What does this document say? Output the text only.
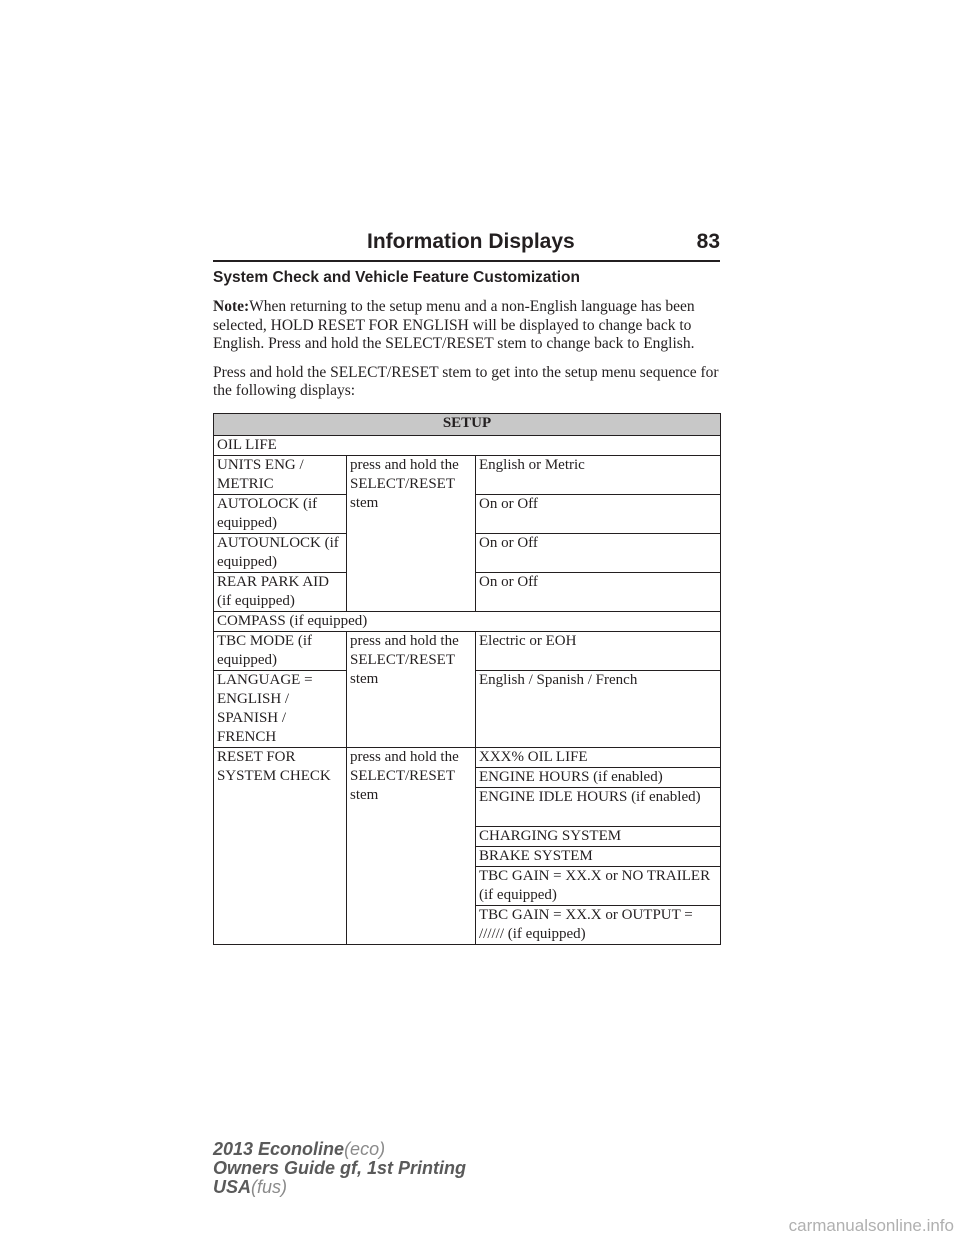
Information Displays	83
System Check and Vehicle Feature Customization

Note:When returning to the setup menu and a non-English language has been selected, HOLD RESET FOR ENGLISH will be displayed to change back to English. Press and hold the SELECT/RESET stem to change back to English.

Press and hold the SELECT/RESET stem to get into the setup menu sequence for the following displays:

SETUP		
OIL LIFE		
UNITS ENG / METRIC	press and hold the SELECT/RESET stem	English or Metric
AUTOLOCK (if equipped)		On or Off
AUTOUNLOCK (if equipped)		On or Off
REAR PARK AID (if equipped)		On or Off
COMPASS (if equipped)		
TBC MODE (if equipped)	press and hold the SELECT/RESET stem	Electric or EOH
LANGUAGE = ENGLISH / SPANISH / FRENCH		English / Spanish / French
RESET FOR SYSTEM CHECK	press and hold the SELECT/RESET stem	XXX% OIL LIFE
		ENGINE HOURS (if enabled)
		ENGINE IDLE HOURS (if enabled)
		CHARGING SYSTEM
		BRAKE SYSTEM
		TBC GAIN = XX.X or NO TRAILER (if equipped)
		TBC GAIN = XX.X or OUTPUT = ////// (if equipped)
2013 Econoline(eco)
Owners Guide gf, 1st Printing
USA(fus)
carmanualsonline.info
